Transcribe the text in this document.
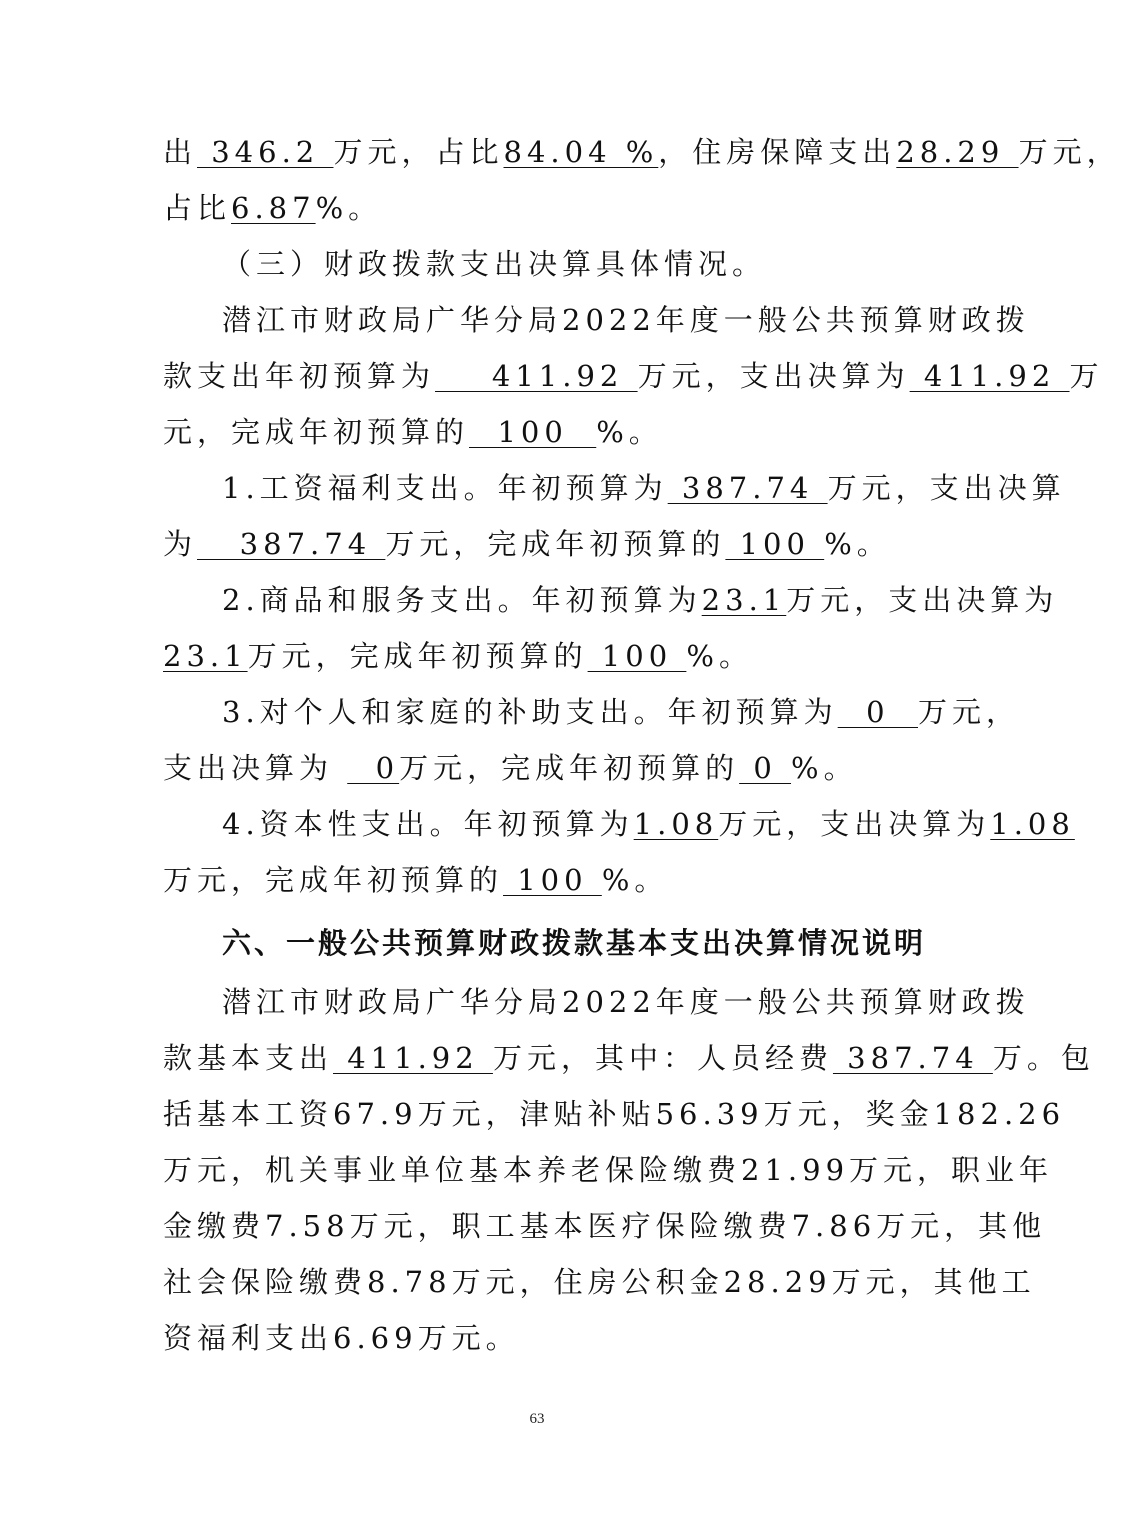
出 346.2 万元，占比84.04 %，住房保障支出28.29 万元，
占比6.87%。
（三）财政拨款支出决算具体情况。
潜江市财政局广华分局2022年度一般公共预算财政拨
款支出年初预算为    411.92 万元，支出决算为 411.92 万
元，完成年初预算的  100  %。
1.工资福利支出。年初预算为 387.74 万元，支出决算
为   387.74 万元，完成年初预算的 100 %。
2.商品和服务支出。年初预算为23.1万元，支出决算为
23.1万元，完成年初预算的 100 %。
3.对个人和家庭的补助支出。年初预算为  0  万元，
支出决算为   0万元，完成年初预算的 0 %。
4.资本性支出。年初预算为1.08万元，支出决算为1.08
万元，完成年初预算的 100 %。
六、一般公共预算财政拨款基本支出决算情况说明
潜江市财政局广华分局2022年度一般公共预算财政拨
款基本支出 411.92 万元，其中：人员经费 387.74 万。包
括基本工资67.9万元，津贴补贴56.39万元，奖金182.26
万元，机关事业单位基本养老保险缴费21.99万元，职业年
金缴费7.58万元，职工基本医疗保险缴费7.86万元，其他
社会保险缴费8.78万元，住房公积金28.29万元，其他工
资福利支出6.69万元。
63
